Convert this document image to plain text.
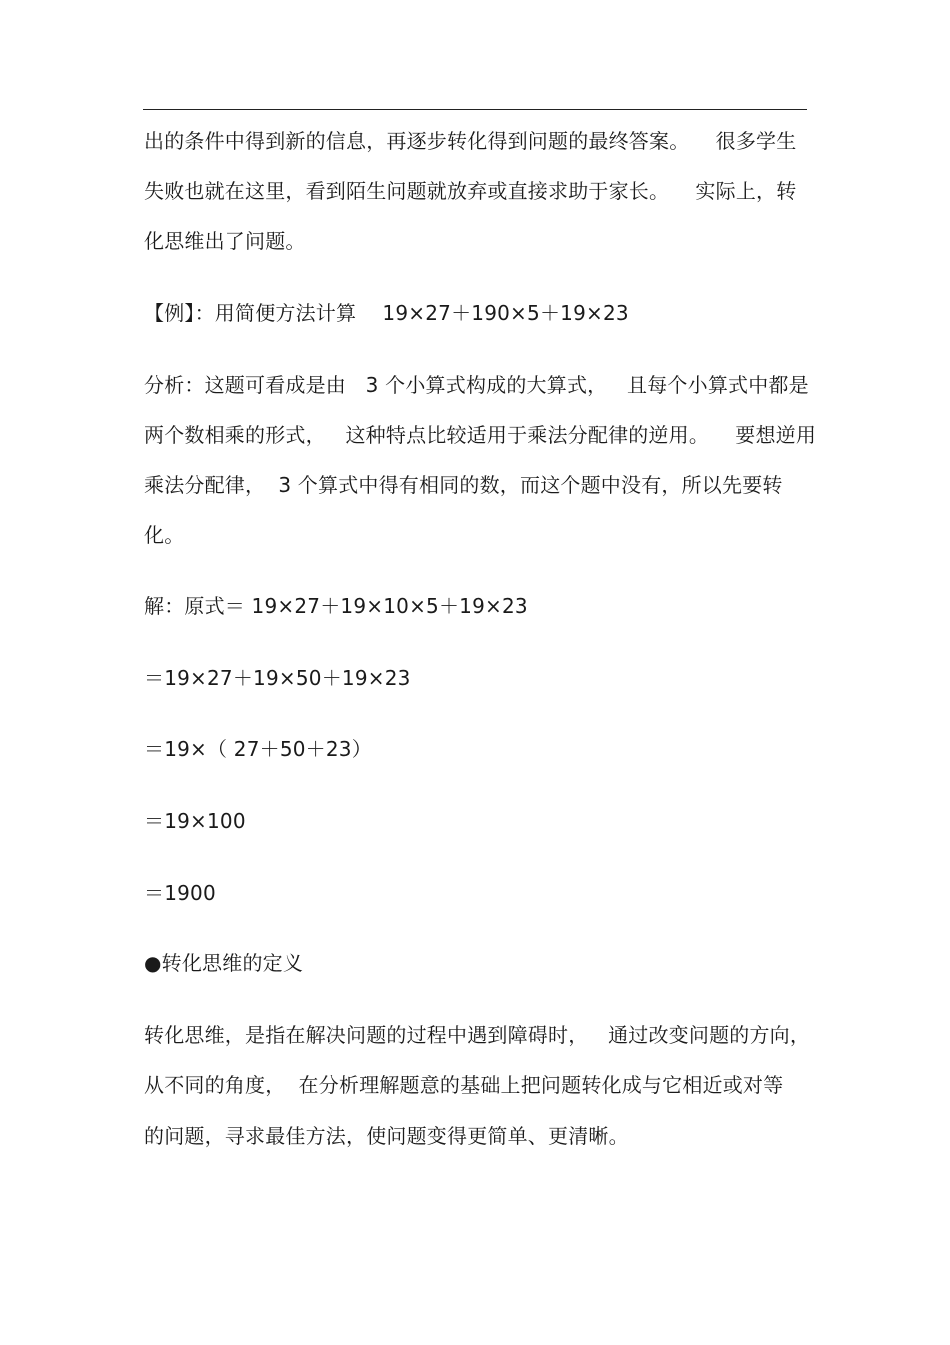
出的条件中得到新的信息，再逐步转化得到问题的最终答案。    很多学生
失败也就在这里，看到陌生问题就放弃或直接求助于家长。    实际上，转
化思维出了问题。
【例】：用简便方法计算    19×27＋190×5＋19×23
分析：这题可看成是由   3 个小算式构成的大算式，   且每个小算式中都是
两个数相乘的形式，   这种特点比较适用于乘法分配律的逆用。    要想逆用
乘法分配律，  3 个算式中得有相同的数，而这个题中没有，所以先要转
化。
解：原式＝ 19×27＋19×10×5＋19×23
＝19×27＋19×50＋19×23
＝19×（ 27＋50＋23）
＝19×100
＝1900
●转化思维的定义
转化思维，是指在解决问题的过程中遇到障碍时，   通过改变问题的方向，
从不同的角度，  在分析理解题意的基础上把问题转化成与它相近或对等
的问题，寻求最佳方法，使问题变得更简单、更清晰。
